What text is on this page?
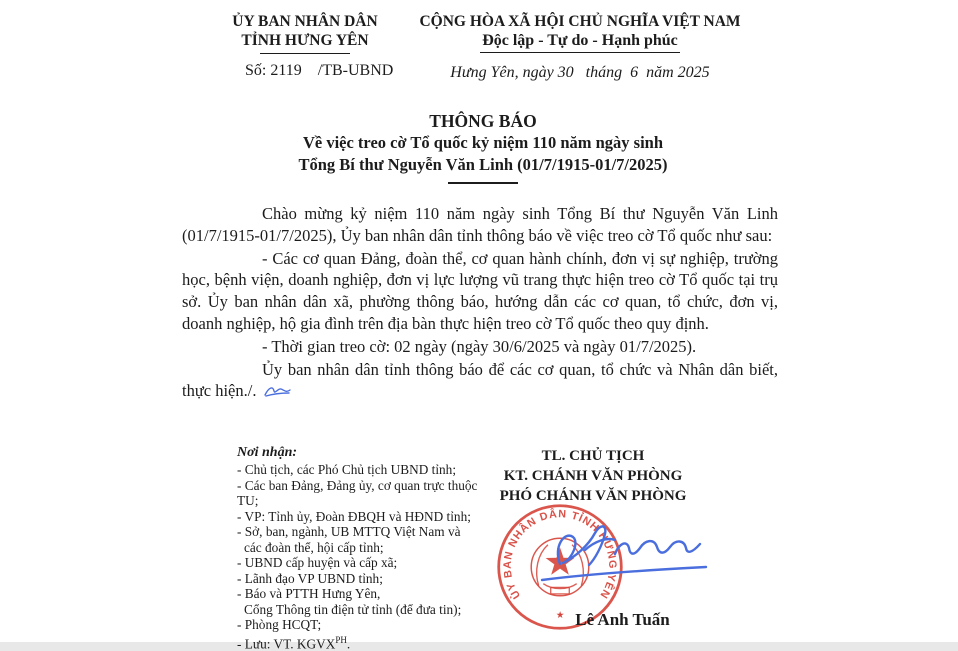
ỦY BAN NHÂN DÂN
TỈNH HƯNG YÊN
CỘNG HÒA XÃ HỘI CHỦ NGHĨA VIỆT NAM
Độc lập - Tự do - Hạnh phúc
Số: 2119 /TB-UBND	Hưng Yên, ngày 30   tháng  6  năm 2025
THÔNG BÁO
Về việc treo cờ Tổ quốc kỷ niệm 110 năm ngày sinh
Tổng Bí thư Nguyễn Văn Linh (01/7/1915-01/7/2025)

Chào mừng kỷ niệm 110 năm ngày sinh Tổng Bí thư Nguyễn Văn Linh (01/7/1915-01/7/2025), Ủy ban nhân dân tỉnh thông báo về việc treo cờ Tổ quốc như sau:

- Các cơ quan Đảng, đoàn thể, cơ quan hành chính, đơn vị sự nghiệp, trường học, bệnh viện, doanh nghiệp, đơn vị lực lượng vũ trang thực hiện treo cờ Tổ quốc tại trụ sở. Ủy ban nhân dân xã, phường thông báo, hướng dẫn các cơ quan, tổ chức, đơn vị, doanh nghiệp, hộ gia đình trên địa bàn thực hiện treo cờ Tổ quốc theo quy định.

- Thời gian treo cờ: 02 ngày (ngày 30/6/2025 và ngày 01/7/2025).

Ủy ban nhân dân tỉnh thông báo để các cơ quan, tổ chức và Nhân dân biết, thực hiện./.

Nơi nhận:
- Chủ tịch, các Phó Chủ tịch UBND tỉnh;
- Các ban Đảng, Đảng ủy, cơ quan trực thuộc TU;
- VP: Tỉnh ủy, Đoàn ĐBQH và HĐND tỉnh;
- Sở, ban, ngành, UB MTTQ Việt Nam và
các đoàn thể, hội cấp tỉnh;
- UBND cấp huyện và cấp xã;
- Lãnh đạo VP UBND tỉnh;
- Báo và PTTH Hưng Yên,
Cổng Thông tin điện tử tỉnh (để đưa tin);
- Phòng HCQT;
- Lưu: VT. $KGVX^{PH}$.
TL. CHỦ TỊCH
KT. CHÁNH VĂN PHÒNG
PHÓ CHÁNH VĂN PHÒNG
ỦY BAN NHÂN DÂN TỈNH HƯNG YÊN
★ Lê Anh Tuấn
